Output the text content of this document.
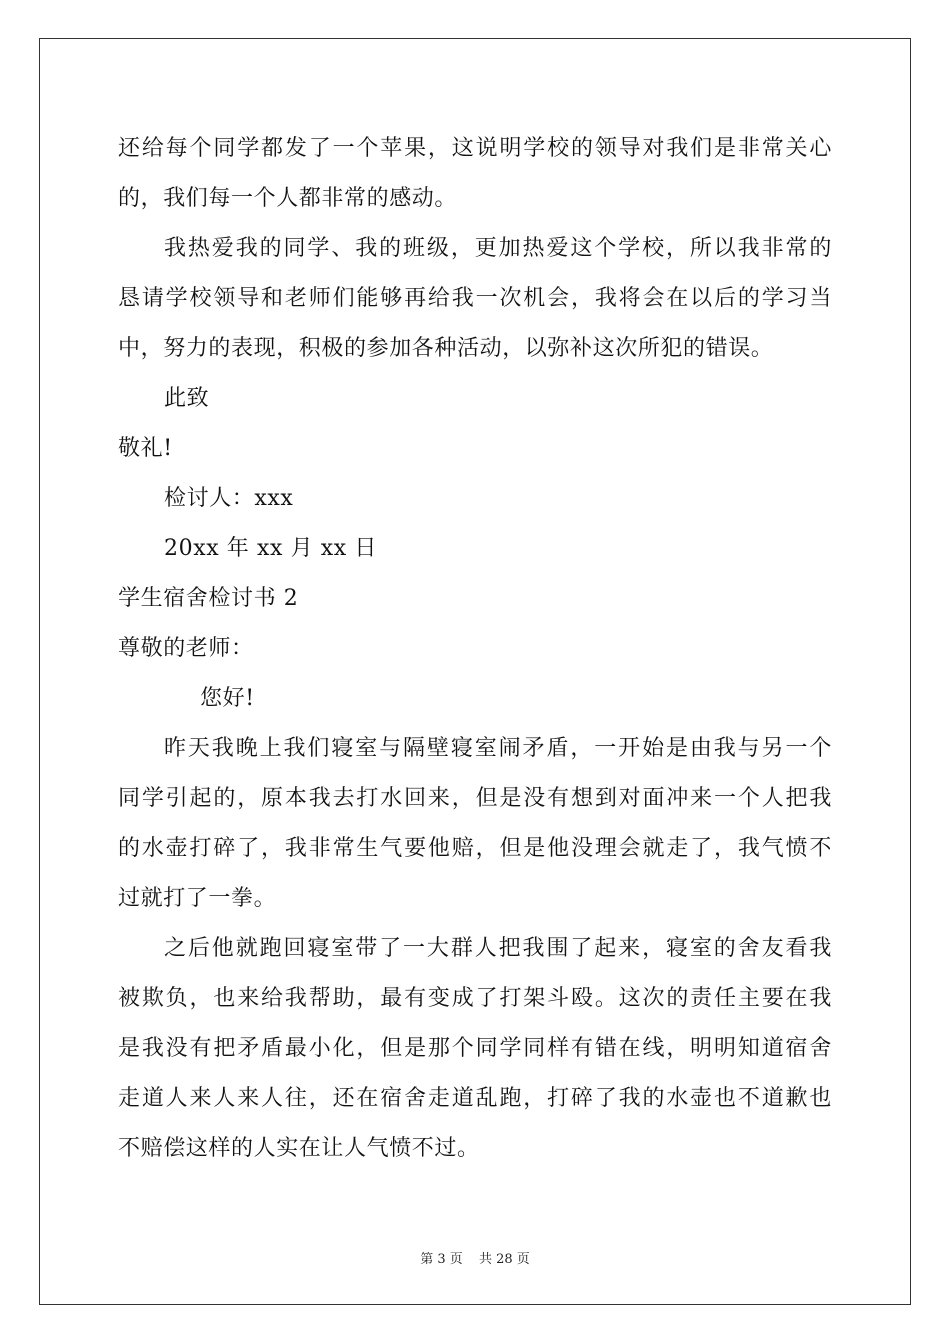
还给每个同学都发了一个苹果，这说明学校的领导对我们是非常关心
的，我们每一个人都非常的感动。
我热爱我的同学、我的班级，更加热爱这个学校，所以我非常的
恳请学校领导和老师们能够再给我一次机会，我将会在以后的学习当
中，努力的表现，积极的参加各种活动，以弥补这次所犯的错误。
此致
敬礼!
检讨人：xxx
20xx 年 xx 月 xx 日
学生宿舍检讨书 2
尊敬的老师：
您好!
昨天我晚上我们寝室与隔壁寝室闹矛盾，一开始是由我与另一个
同学引起的，原本我去打水回来，但是没有想到对面冲来一个人把我
的水壶打碎了，我非常生气要他赔，但是他没理会就走了，我气愤不
过就打了一拳。
之后他就跑回寝室带了一大群人把我围了起来，寝室的舍友看我
被欺负，也来给我帮助，最有变成了打架斗殴。这次的责任主要在我
是我没有把矛盾最小化，但是那个同学同样有错在线，明明知道宿舍
走道人来人来人往，还在宿舍走道乱跑，打碎了我的水壶也不道歉也
不赔偿这样的人实在让人气愤不过。
第 3 页 共 28 页
